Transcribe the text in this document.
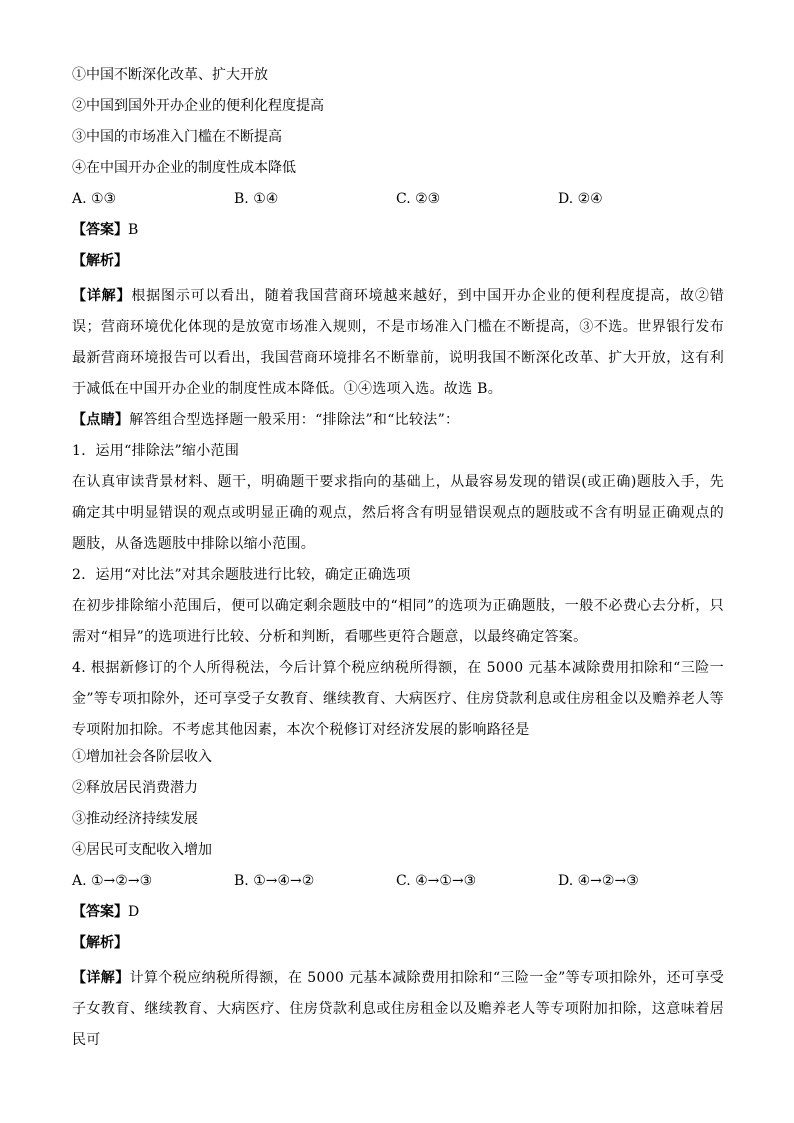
①中国不断深化改革、扩大开放
②中国到国外开办企业的便利化程度提高
③中国的市场准入门槛在不断提高
④在中国开办企业的制度性成本降低
A. ①③	B. ①④	C. ②③	D. ②④
【答案】B
【解析】
【详解】根据图示可以看出，随着我国营商环境越来越好，到中国开办企业的便利程度提高，故②错误；营商环境优化体现的是放宽市场准入规则，不是市场准入门槛在不断提高，③不选。世界银行发布最新营商环境报告可以看出，我国营商环境排名不断靠前，说明我国不断深化改革、扩大开放，这有利于减低在中国开办企业的制度性成本降低。①④选项入选。故选 B。
【点睛】解答组合型选择题一般采用：“排除法”和“比较法”：
1．运用“排除法”缩小范围
在认真审读背景材料、题干，明确题干要求指向的基础上，从最容易发现的错误(或正确)题肢入手，先确定其中明显错误的观点或明显正确的观点，然后将含有明显错误观点的题肢或不含有明显正确观点的题肢，从备选题肢中排除以缩小范围。
2．运用“对比法”对其余题肢进行比较，确定正确选项
在初步排除缩小范围后，便可以确定剩余题肢中的“相同”的选项为正确题肢，一般不必费心去分析，只需对“相异”的选项进行比较、分析和判断，看哪些更符合题意，以最终确定答案。
4. 根据新修订的个人所得税法，今后计算个税应纳税所得额，在 5000 元基本减除费用扣除和“三险一金”等专项扣除外，还可享受子女教育、继续教育、大病医疗、住房贷款利息或住房租金以及赡养老人等专项附加扣除。不考虑其他因素，本次个税修订对经济发展的影响路径是
①增加社会各阶层收入
②释放居民消费潜力
③推动经济持续发展
④居民可支配收入增加
A. ①→②→③	B. ①→④→②	C. ④→①→③	D. ④→②→③
【答案】D
【解析】
【详解】计算个税应纳税所得额，在 5000 元基本减除费用扣除和“三险一金”等专项扣除外，还可享受子女教育、继续教育、大病医疗、住房贷款利息或住房租金以及赡养老人等专项附加扣除，这意味着居民可
